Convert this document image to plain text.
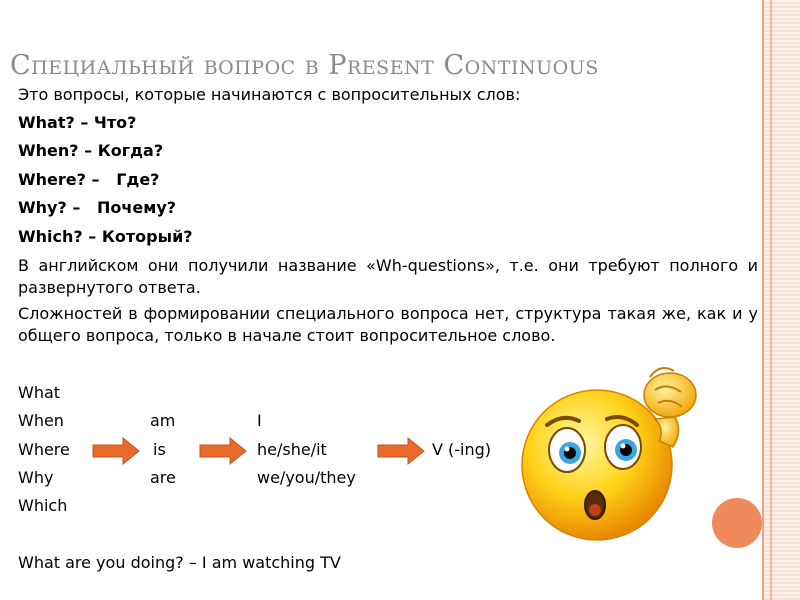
Специальный вопрос в Present Continuous
Это вопросы, которые начинаются с вопросительных слов:
What? – Что?
When? – Когда?
Where? –   Где?
Why? –   Почему?
Which? – Который?
В английском они получили название «Wh-questions», т.е. они требуют полного и развернутого ответа.
Сложностей в формировании специального вопроса нет, структура такая же, как и у общего вопроса, только в начале стоит вопросительное слово.
What
When
Where
Why
Which
am
is
are
I
he/she/it
we/you/they
V (-ing)
What are you doing? – I am watching TV
